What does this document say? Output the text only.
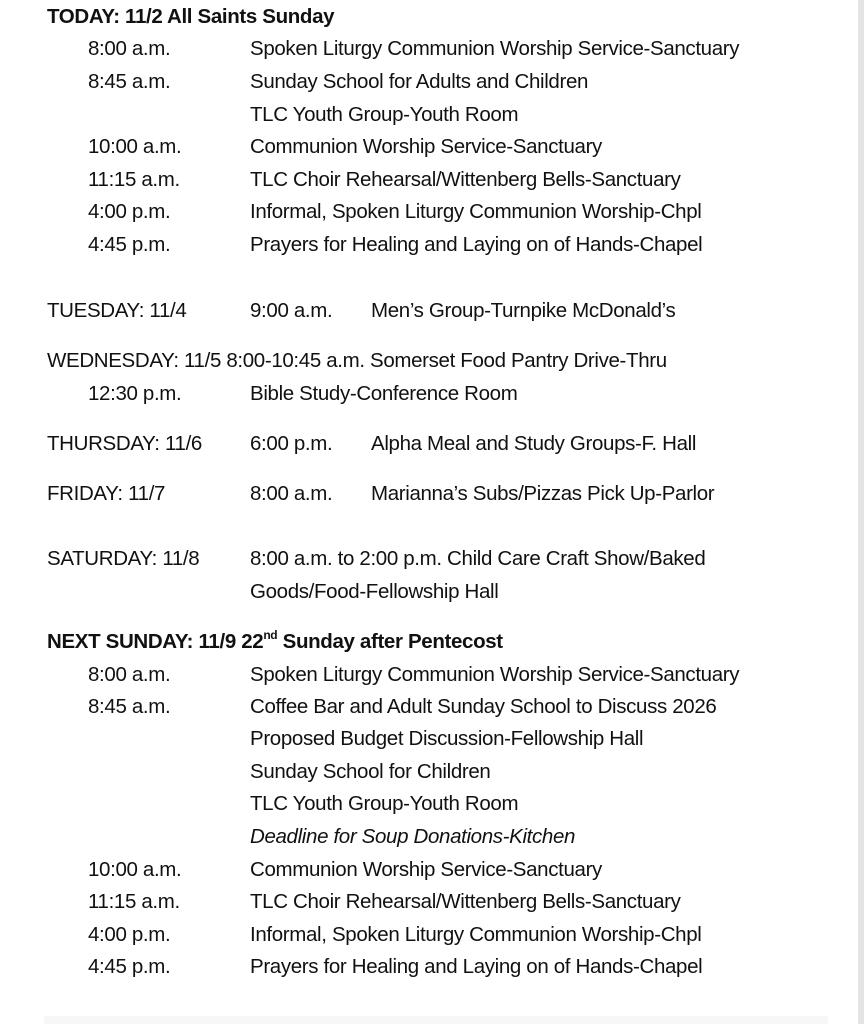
TODAY: 11/2 All Saints Sunday
8:00 a.m.	Spoken Liturgy Communion Worship Service-Sanctuary
8:45 a.m.	Sunday School for Adults and Children
TLC Youth Group-Youth Room
10:00 a.m.	Communion Worship Service-Sanctuary
11:15 a.m.	TLC Choir Rehearsal/Wittenberg Bells-Sanctuary
4:00 p.m.	Informal, Spoken Liturgy Communion Worship-Chpl
4:45 p.m.	Prayers for Healing and Laying on of Hands-Chapel
TUESDAY: 11/4	9:00 a.m. Men’s Group-Turnpike McDonald’s
WEDNESDAY: 11/5 8:00-10:45 a.m. Somerset Food Pantry Drive-Thru
12:30 p.m.	Bible Study-Conference Room
THURSDAY: 11/6 6:00 p.m. Alpha Meal and Study Groups-F. Hall
FRIDAY: 11/7	8:00 a.m. Marianna’s Subs/Pizzas Pick Up-Parlor
SATURDAY: 11/8 8:00 a.m. to 2:00 p.m. Child Care Craft Show/Baked
Goods/Food-Fellowship Hall
NEXT SUNDAY: 11/9 22nd Sunday after Pentecost
8:00 a.m.	Spoken Liturgy Communion Worship Service-Sanctuary
8:45 a.m.	Coffee Bar and Adult Sunday School to Discuss 2026
Proposed Budget Discussion-Fellowship Hall
Sunday School for Children
TLC Youth Group-Youth Room
Deadline for Soup Donations-Kitchen
10:00 a.m.	Communion Worship Service-Sanctuary
11:15 a.m.	TLC Choir Rehearsal/Wittenberg Bells-Sanctuary
4:00 p.m.	Informal, Spoken Liturgy Communion Worship-Chpl
4:45 p.m.	Prayers for Healing and Laying on of Hands-Chapel
